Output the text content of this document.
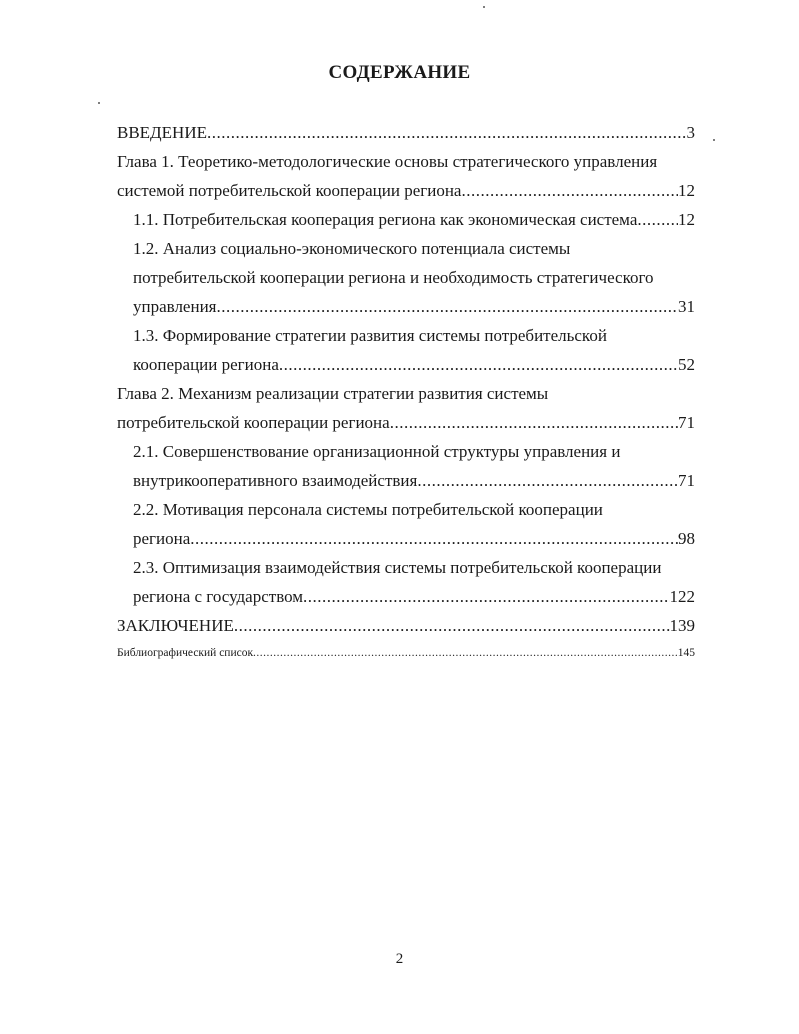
СОДЕРЖАНИЕ
ВВЕДЕНИЕ .....	3
Глава 1. Теоретико-методологические основы стратегического управления
системой потребительской кооперации региона .....	12
1.1. Потребительская кооперация региона как экономическая система ..... 12
1.2. Анализ социально-экономического потенциала системы
потребительской кооперации региона и необходимость стратегического
управления .....	31
1.3. Формирование стратегии развития системы потребительской
кооперации региона .....	52
Глава 2. Механизм реализации стратегии развития системы
потребительской кооперации региона .....	71
2.1. Совершенствование организационной структуры управления и
внутрикооперативного взаимодействия .....	71
2.2. Мотивация персонала системы потребительской кооперации
региона .....	98
2.3. Оптимизация взаимодействия системы потребительской кооперации
региона с государством .....	122
ЗАКЛЮЧЕНИЕ .....	139
Библиографический список .....	145
2
